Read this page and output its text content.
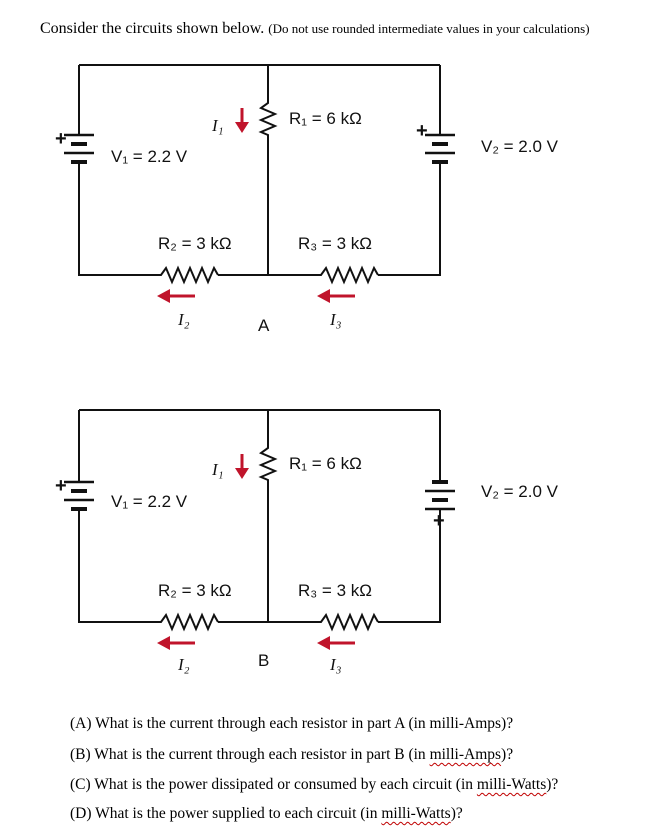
Consider the circuits shown below. (Do not use rounded intermediate values in your calculations)
+	+
V₁ = 2.2 V
V₂ = 2.0 V
R₁ = 6 kΩ
R₂ = 3 kΩ	R₃ = 3 kΩ
I₁
I₂	I₃
A
+
+
V₁ = 2.2 V
V₂ = 2.0 V
R₁ = 6 kΩ
R₂ = 3 kΩ	R₃ = 3 kΩ
I₁
I₂	I₃
B
(A) What is the current through each resistor in part A (in milli-Amps)?
(B) What is the current through each resistor in part B (in milli-Amps)?
(C) What is the power dissipated or consumed by each circuit (in milli-Watts)?
(D) What is the power supplied to each circuit (in milli-Watts)?
